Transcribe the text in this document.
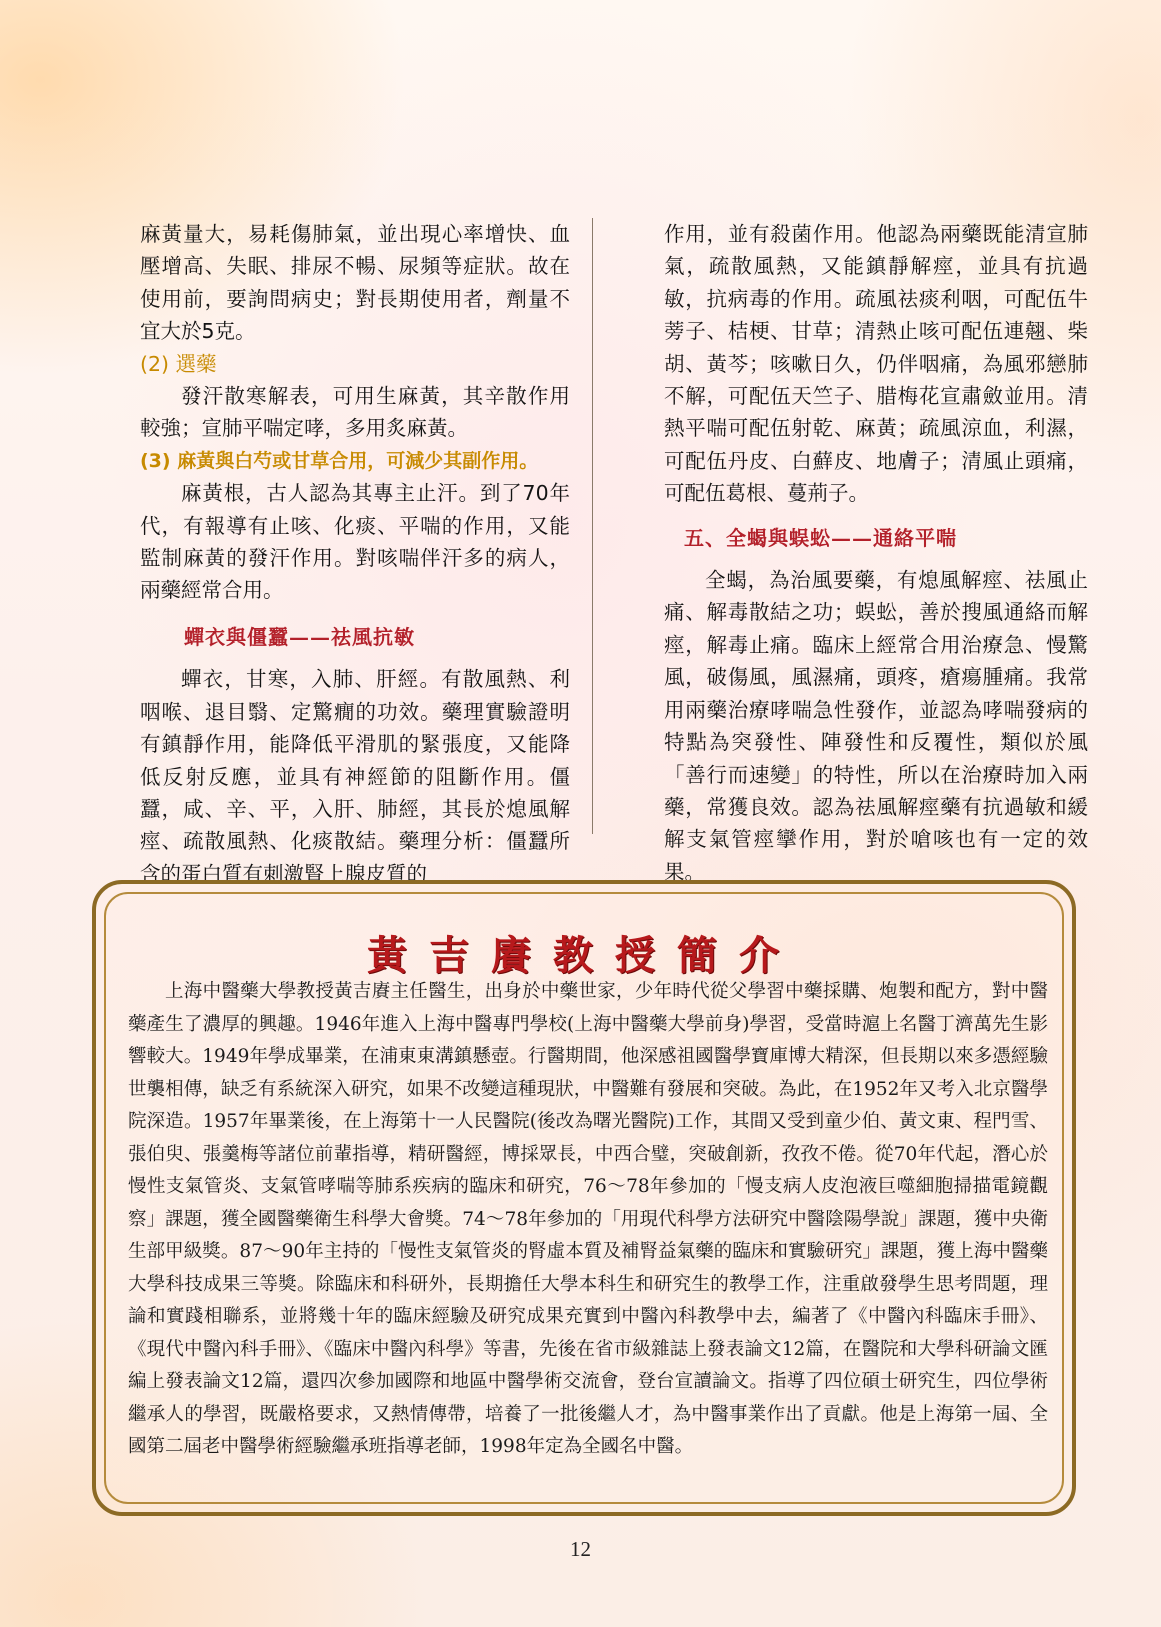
麻黃量大，易耗傷肺氣，並出現心率增快、血壓增高、失眠、排尿不暢、尿頻等症狀。故在使用前，要詢問病史；對長期使用者，劑量不宜大於5克。

(2) 選藥

發汗散寒解表，可用生麻黃，其辛散作用較強；宣肺平喘定哮，多用炙麻黃。

(3) 麻黃與白芍或甘草合用，可減少其副作用。

麻黃根，古人認為其專主止汗。到了70年代，有報導有止咳、化痰、平喘的作用，又能監制麻黃的發汗作用。對咳喘伴汗多的病人，兩藥經常合用。

蟬衣與僵蠶——祛風抗敏

蟬衣，甘寒，入肺、肝經。有散風熱、利咽喉、退目翳、定驚癇的功效。藥理實驗證明有鎮靜作用，能降低平滑肌的緊張度，又能降低反射反應，並具有神經節的阻斷作用。僵蠶，咸、辛、平，入肝、肺經，其長於熄風解痙、疏散風熱、化痰散結。藥理分析：僵蠶所含的蛋白質有刺激腎上腺皮質的

作用，並有殺菌作用。他認為兩藥既能清宣肺氣，疏散風熱，又能鎮靜解痙，並具有抗過敏，抗病毒的作用。疏風祛痰利咽，可配伍牛蒡子、桔梗、甘草；清熱止咳可配伍連翹、柴胡、黃芩；咳嗽日久，仍伴咽痛，為風邪戀肺不解，可配伍天竺子、腊梅花宣肅斂並用。清熱平喘可配伍射乾、麻黃；疏風涼血，利濕，可配伍丹皮、白蘚皮、地膚子；清風止頭痛，可配伍葛根、蔓荊子。

五、全蝎與蜈蚣——通絡平喘

全蝎，為治風要藥，有熄風解痙、祛風止痛、解毒散結之功；蜈蚣，善於搜風通絡而解痙，解毒止痛。臨床上經常合用治療急、慢驚風，破傷風，風濕痛，頭疼，瘡瘍腫痛。我常用兩藥治療哮喘急性發作，並認為哮喘發病的特點為突發性、陣發性和反覆性，類似於風「善行而速變」的特性，所以在治療時加入兩藥，常獲良效。認為祛風解痙藥有抗過敏和緩解支氣管痙攣作用，對於嗆咳也有一定的效果。

黃吉賡教授簡介

上海中醫藥大學教授黃吉賡主任醫生，出身於中藥世家，少年時代從父學習中藥採購、炮製和配方，對中醫藥產生了濃厚的興趣。1946年進入上海中醫專門學校(上海中醫藥大學前身)學習，受當時滬上名醫丁濟萬先生影響較大。1949年學成畢業，在浦東東溝鎮懸壺。行醫期間，他深感祖國醫學寶庫博大精深，但長期以來多憑經驗世襲相傳，缺乏有系統深入研究，如果不改變這種現狀，中醫難有發展和突破。為此，在1952年又考入北京醫學院深造。1957年畢業後，在上海第十一人民醫院(後改為曙光醫院)工作，其間又受到童少伯、黃文東、程門雪、張伯臾、張羹梅等諸位前輩指導，精研醫經，博採眾長，中西合璧，突破創新，孜孜不倦。從70年代起，潛心於慢性支氣管炎、支氣管哮喘等肺系疾病的臨床和研究，76～78年參加的「慢支病人皮泡液巨噬細胞掃描電鏡觀察」課題，獲全國醫藥衛生科學大會獎。74～78年參加的「用現代科學方法研究中醫陰陽學說」課題，獲中央衛生部甲級獎。87～90年主持的「慢性支氣管炎的腎虛本質及補腎益氣藥的臨床和實驗研究」課題，獲上海中醫藥大學科技成果三等獎。除臨床和科研外，長期擔任大學本科生和研究生的教學工作，注重啟發學生思考問題，理論和實踐相聯系，並將幾十年的臨床經驗及研究成果充實到中醫內科教學中去，編著了《中醫內科臨床手冊》、《現代中醫內科手冊》、《臨床中醫內科學》等書，先後在省市級雜誌上發表論文12篇，在醫院和大學科研論文匯編上發表論文12篇，還四次參加國際和地區中醫學術交流會，登台宣讀論文。指導了四位碩士研究生，四位學術繼承人的學習，既嚴格要求，又熱情傳帶，培養了一批後繼人才，為中醫事業作出了貢獻。他是上海第一屆、全國第二屆老中醫學術經驗繼承班指導老師，1998年定為全國名中醫。

12
